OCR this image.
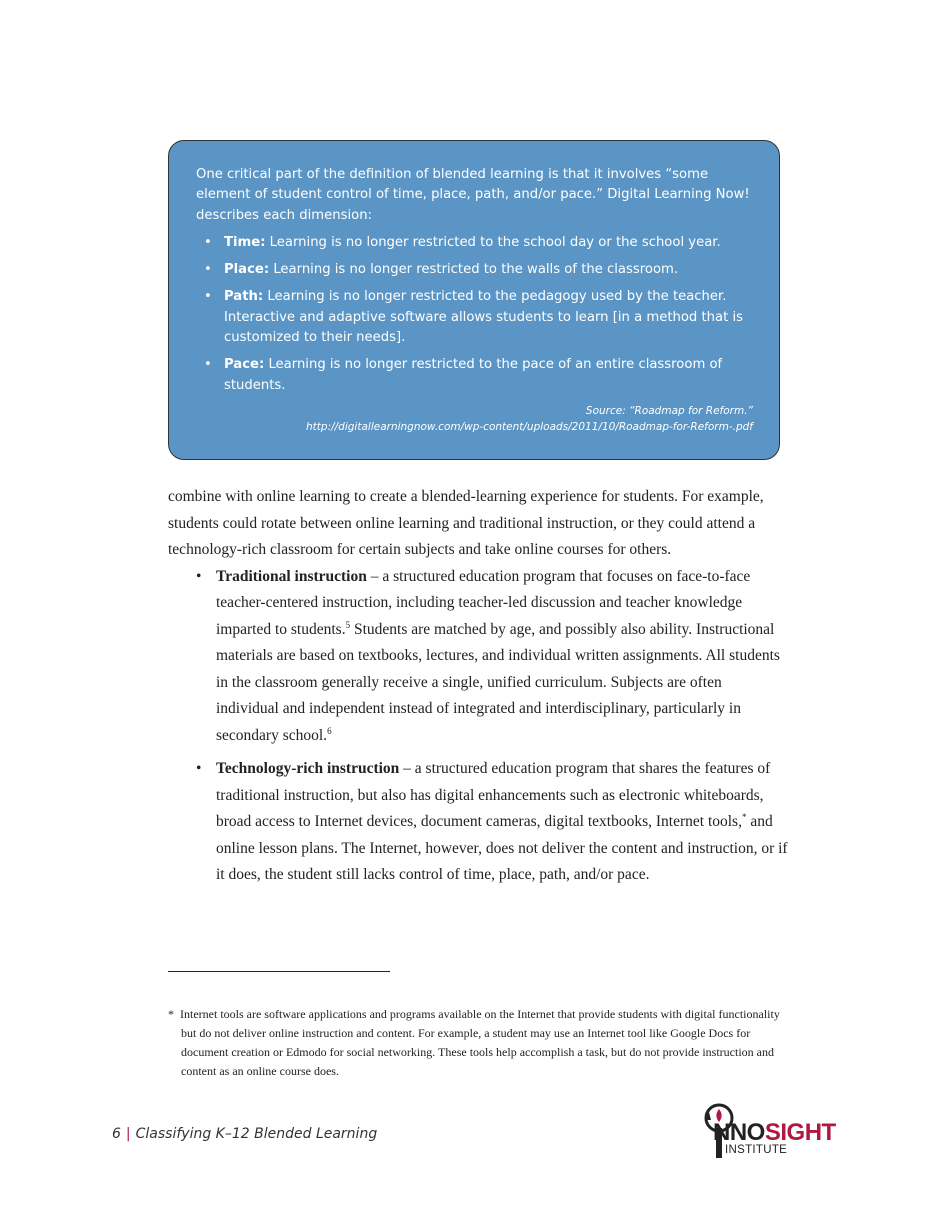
One critical part of the definition of blended learning is that it involves “some element of student control of time, place, path, and/or pace.” Digital Learning Now! describes each dimension:

• Time: Learning is no longer restricted to the school day or the school year.
• Place: Learning is no longer restricted to the walls of the classroom.
• Path: Learning is no longer restricted to the pedagogy used by the teacher. Interactive and adaptive software allows students to learn [in a method that is customized to their needs].
• Pace: Learning is no longer restricted to the pace of an entire classroom of students.
Source: “Roadmap for Reform.”
http://digitallearningnow.com/wp-content/uploads/2011/10/Roadmap-for-Reform-.pdf

combine with online learning to create a blended-learning experience for students. For example, students could rotate between online learning and traditional instruction, or they could attend a technology-rich classroom for certain subjects and take online courses for others.

• Traditional instruction – a structured education program that focuses on face-to-face teacher-centered instruction, including teacher-led discussion and teacher knowledge imparted to students.$^5$ Students are matched by age, and possibly also ability. Instructional materials are based on textbooks, lectures, and individual written assignments. All students in the classroom generally receive a single, unified curriculum. Subjects are often individual and independent instead of integrated and interdisciplinary, particularly in secondary school.$^6$
• Technology-rich instruction – a structured education program that shares the features of traditional instruction, but also has digital enhancements such as electronic whiteboards, broad access to Internet devices, document cameras, digital textbooks, Internet tools,* and online lesson plans. The Internet, however, does not deliver the content and instruction, or if it does, the student still lacks control of time, place, path, and/or pace.
* Internet tools are software applications and programs available on the Internet that provide students with digital functionality but do not deliver online instruction and content. For example, a student may use an Internet tool like Google Docs for document creation or Edmodo for social networking. These tools help accomplish a task, but do not provide instruction and content as an online course does.
6 | Classifying K–12 Blended Learning	NNOSIGHT
INSTITUTE
